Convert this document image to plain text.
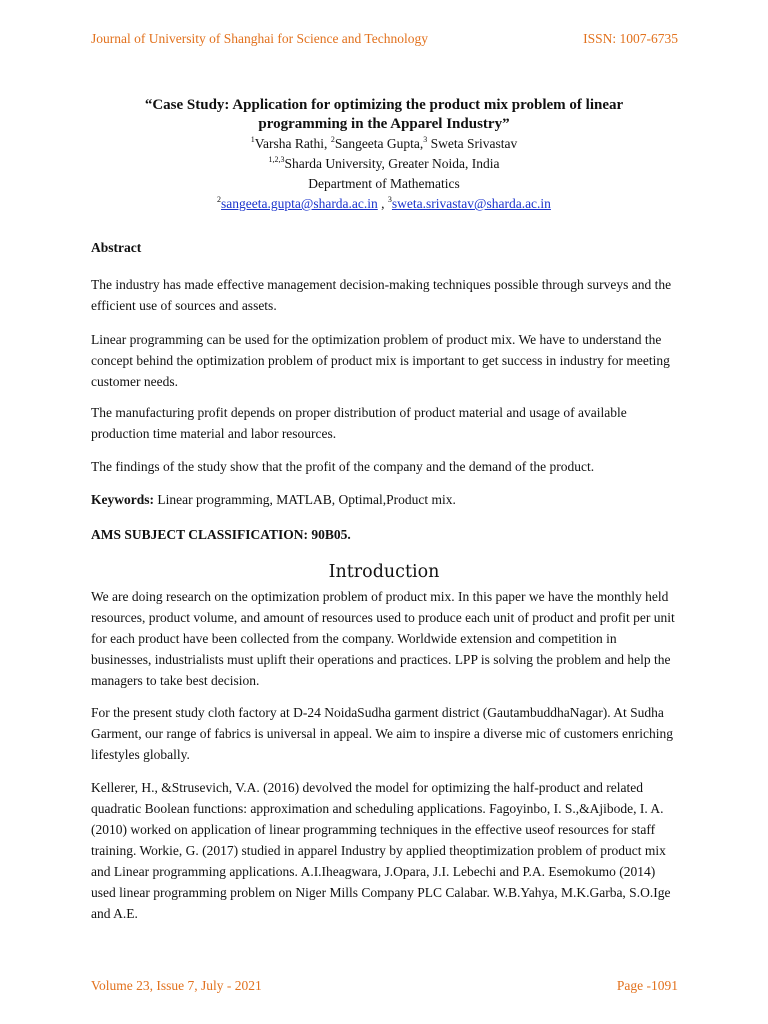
Journal of University of Shanghai for Science and Technology	ISSN: 1007-6735
“Case Study: Application for optimizing the product mix problem of linear
programming in the Apparel Industry”
$^1$Varsha Rathi, $^2$Sangeeta Gupta,$^3$ Sweta Srivastav
$^{1,2,3}$Sharda University, Greater Noida, India
Department of Mathematics
$^2$sangeeta.gupta@sharda.ac.in , $^3$sweta.srivastav@sharda.ac.in
Abstract

The industry has made effective management decision-making techniques possible through surveys and the efficient use of sources and assets.

Linear programming can be used for the optimization problem of product mix. We have to understand the concept behind the optimization problem of product mix is important to get success in industry for meeting customer needs.

The manufacturing profit depends on proper distribution of product material and usage of available production time material and labor resources.

The findings of the study show that the profit of the company and the demand of the product.

Keywords: Linear programming, MATLAB, Optimal,Product mix.

AMS SUBJECT CLASSIFICATION: 90B05.

Introduction

We are doing research on the optimization problem of product mix. In this paper we have the monthly held resources, product volume, and amount of resources used to produce each unit of product and profit per unit for each product have been collected from the company. Worldwide extension and competition in businesses, industrialists must uplift their operations and practices. LPP is solving the problem and help the managers to take best decision.

For the present study cloth factory at D-24 NoidaSudha garment district (GautambuddhaNagar). At Sudha Garment, our range of fabrics is universal in appeal. We aim to inspire a diverse mic of customers enriching lifestyles globally.

Kellerer, H., &Strusevich, V.A. (2016) devolved the model for optimizing the half-product and related quadratic Boolean functions: approximation and scheduling applications. Fagoyinbo, I. S.,&Ajibode, I. A. (2010) worked on application of linear programming techniques in the effective useof resources for staff training. Workie, G. (2017) studied in apparel Industry by applied theoptimization problem of product mix and Linear programming applications. A.I.Iheagwara, J.Opara, J.I. Lebechi and P.A. Esemokumo (2014) used linear programming problem on Niger Mills Company PLC Calabar. W.B.Yahya, M.K.Garba, S.O.Ige and A.E.

Volume 23, Issue 7, July - 2021	Page -1091
